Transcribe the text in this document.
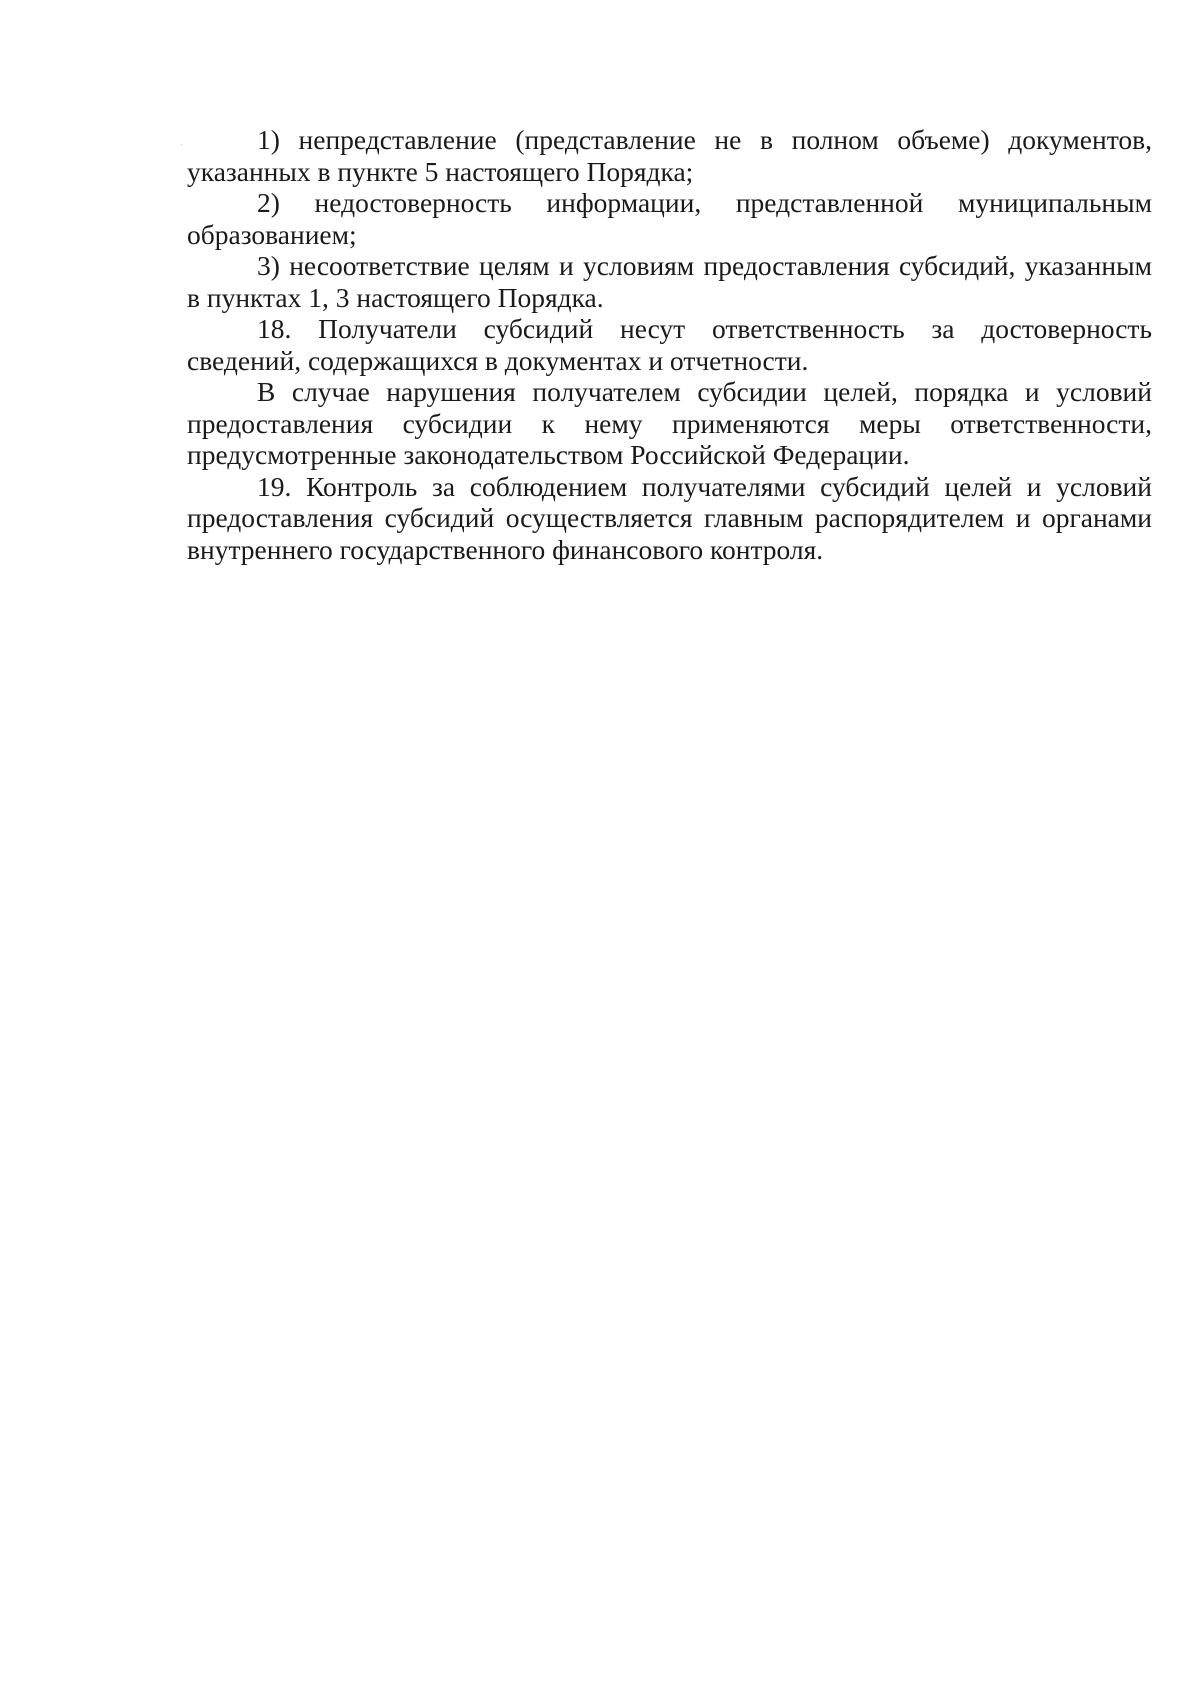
1) непредставление (представление не в полном объеме) документов, указанных в пункте 5 настоящего Порядка;

2) недостоверность информации, представленной муниципальным образованием;

3) несоответствие целям и условиям предоставления субсидий, указанным в пунктах 1, 3 настоящего Порядка.

18. Получатели субсидий несут ответственность за достоверность сведений, содержащихся в документах и отчетности.

В случае нарушения получателем субсидии целей, порядка и условий предоставления субсидии к нему применяются меры ответственности, предусмотренные законодательством Российской Федерации.

19. Контроль за соблюдением получателями субсидий целей и условий предоставления субсидий осуществляется главным распорядителем и органами внутреннего государственного финансового контроля.
